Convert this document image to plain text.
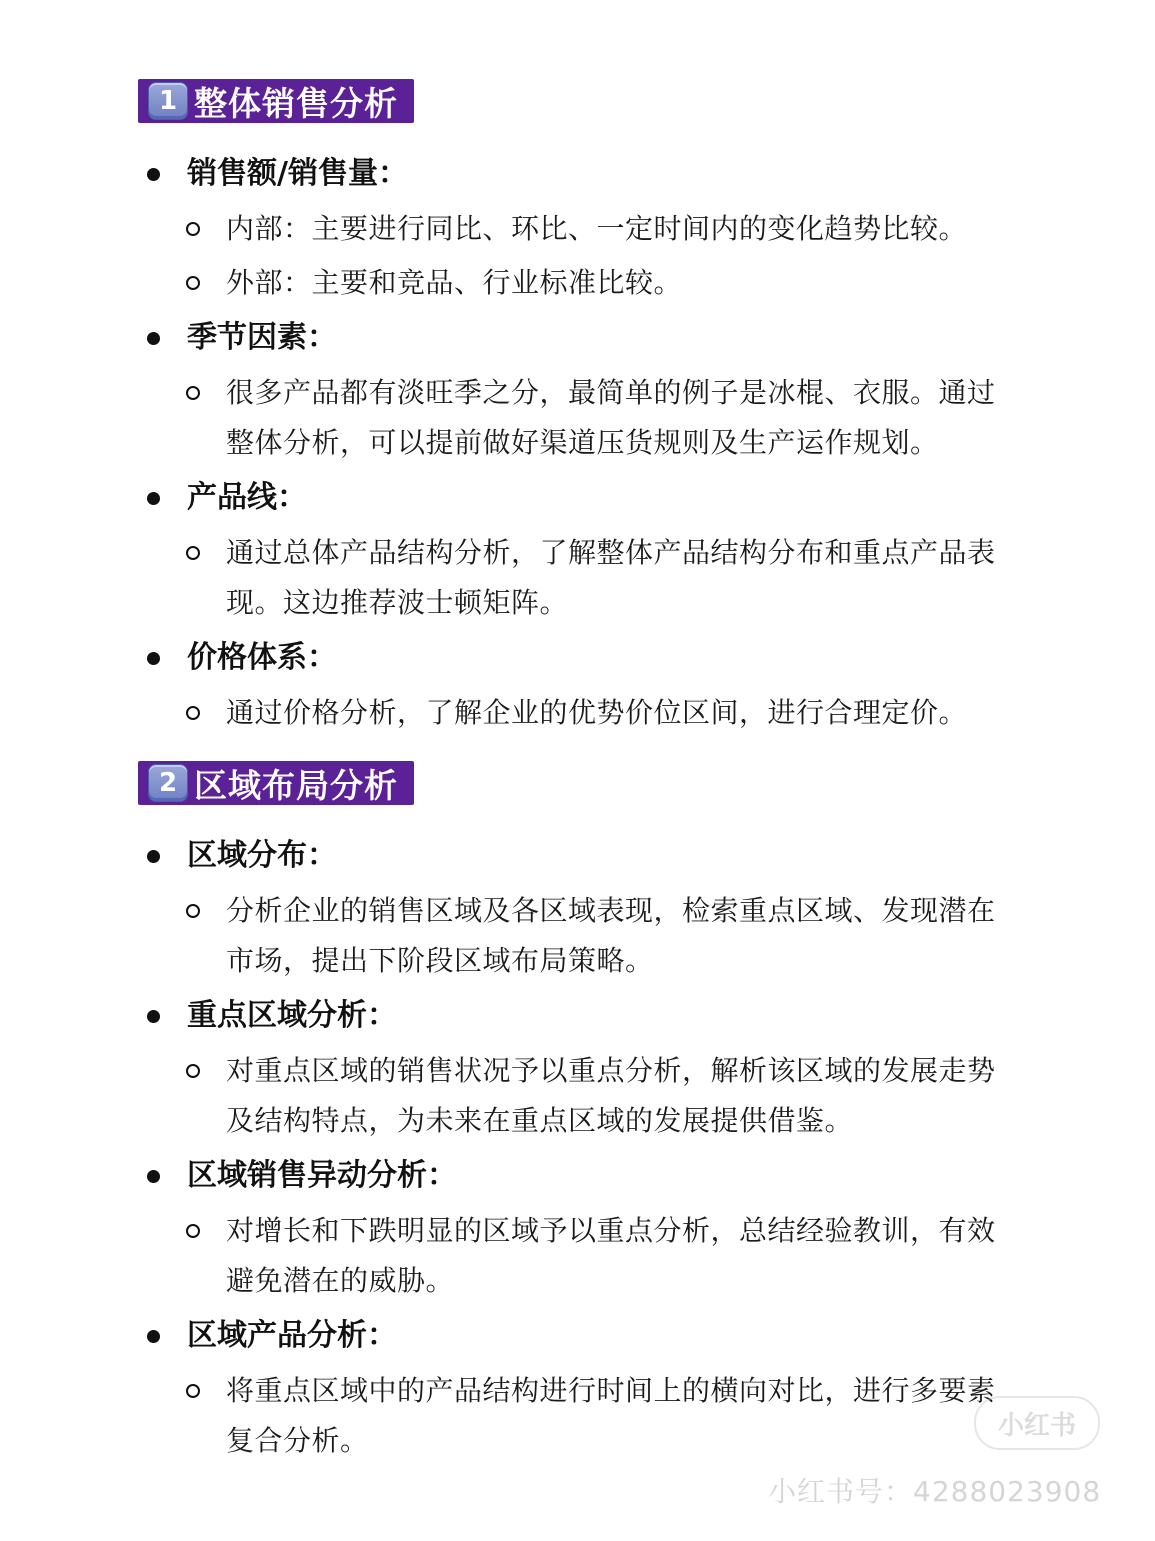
1 整体销售分析
销售额/销售量：
内部：主要进行同比、环比、一定时间内的变化趋势比较。
外部：主要和竞品、行业标准比较。
季节因素：
很多产品都有淡旺季之分，最简单的例子是冰棍、衣服。通过整体分析，可以提前做好渠道压货规则及生产运作规划。
产品线：
通过总体产品结构分析，了解整体产品结构分布和重点产品表现。这边推荐波士顿矩阵。
价格体系：
通过价格分析，了解企业的优势价位区间，进行合理定价。
2 区域布局分析
区域分布：
分析企业的销售区域及各区域表现，检索重点区域、发现潜在市场，提出下阶段区域布局策略。
重点区域分析：
对重点区域的销售状况予以重点分析，解析该区域的发展走势及结构特点，为未来在重点区域的发展提供借鉴。
区域销售异动分析：
对增长和下跌明显的区域予以重点分析，总结经验教训，有效避免潜在的威胁。
区域产品分析：
将重点区域中的产品结构进行时间上的横向对比，进行多要素复合分析。	小红书
小红书号：4288023908
